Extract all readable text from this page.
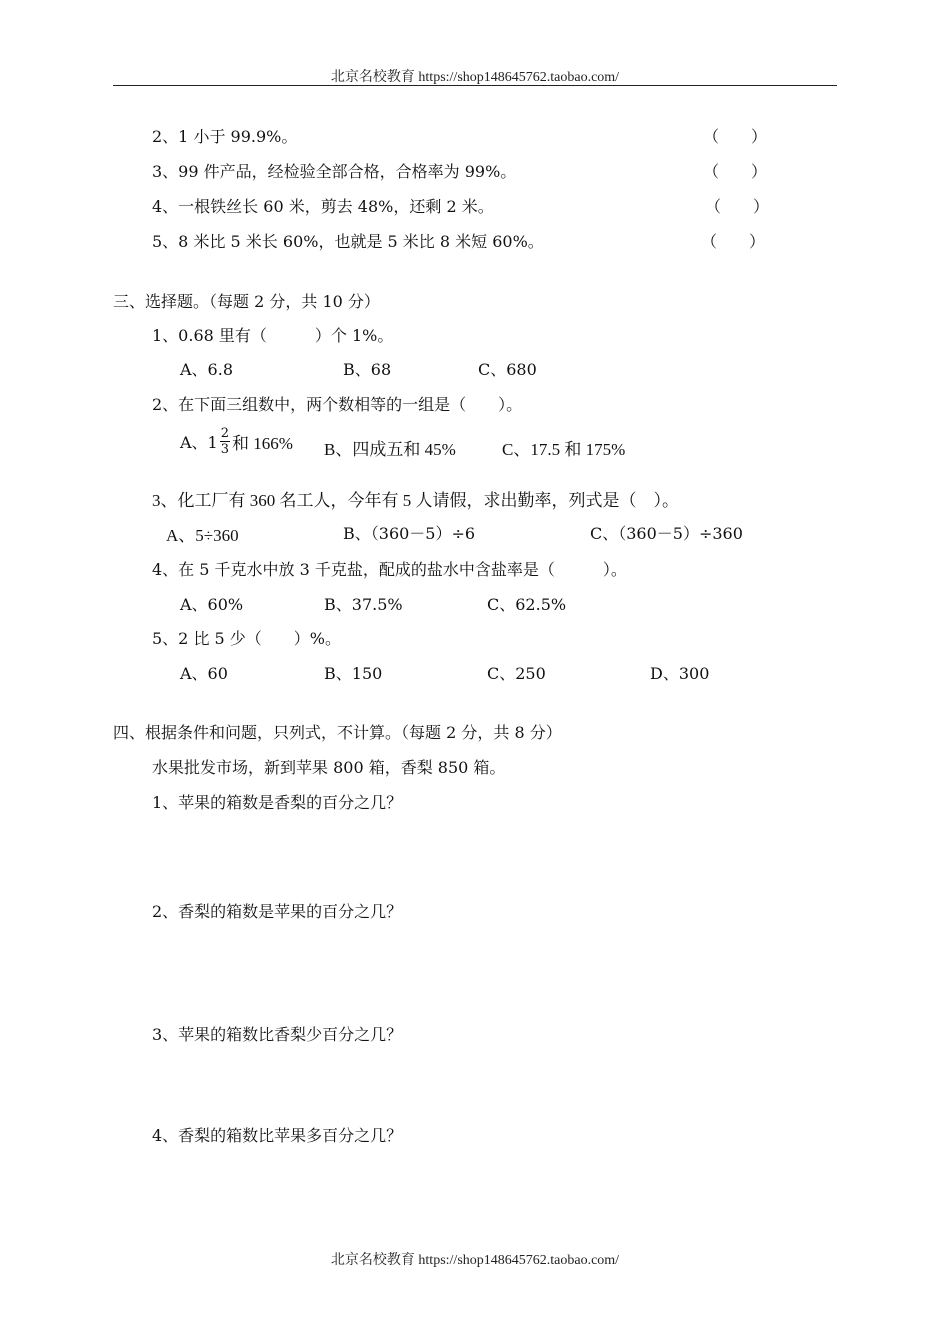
北京名校教育 https://shop148645762.taobao.com/
2、1 小于 99.9%。	（　　）
3、99 件产品，经检验全部合格，合格率为 99%。	（　　）
4、一根铁丝长 60 米，剪去 48%，还剩 2 米。	（　　）
5、8 米比 5 米长 60%，也就是 5 米比 8 米短 60%。	（　　）
三、选择题。（每题 2 分，共 10 分）
1、0.68 里有（　　　）个 1%。
A、6.8	B、68	C、680
2、在下面三组数中，两个数相等的一组是（　　）。
A、$1 \frac{2}{3}$ 和 166% B、四成五和 45%	C、17.5 和 175%
3、化工厂有 360 名工人，今年有 5 人请假，求出勤率，列式是（　）。
A、5÷360	B、（360－5）÷6	C、（360－5）÷360
4、在 5 千克水中放 3 千克盐，配成的盐水中含盐率是（　　　）。
A、60%	B、37.5%	C、62.5%
5、2 比 5 少（　　）%。
A、60	B、150	C、250	D、300
四、根据条件和问题，只列式，不计算。（每题 2 分，共 8 分）
水果批发市场，新到苹果 800 箱，香梨 850 箱。
1、苹果的箱数是香梨的百分之几？
2、香梨的箱数是苹果的百分之几？
3、苹果的箱数比香梨少百分之几？
4、香梨的箱数比苹果多百分之几？
北京名校教育 https://shop148645762.taobao.com/
